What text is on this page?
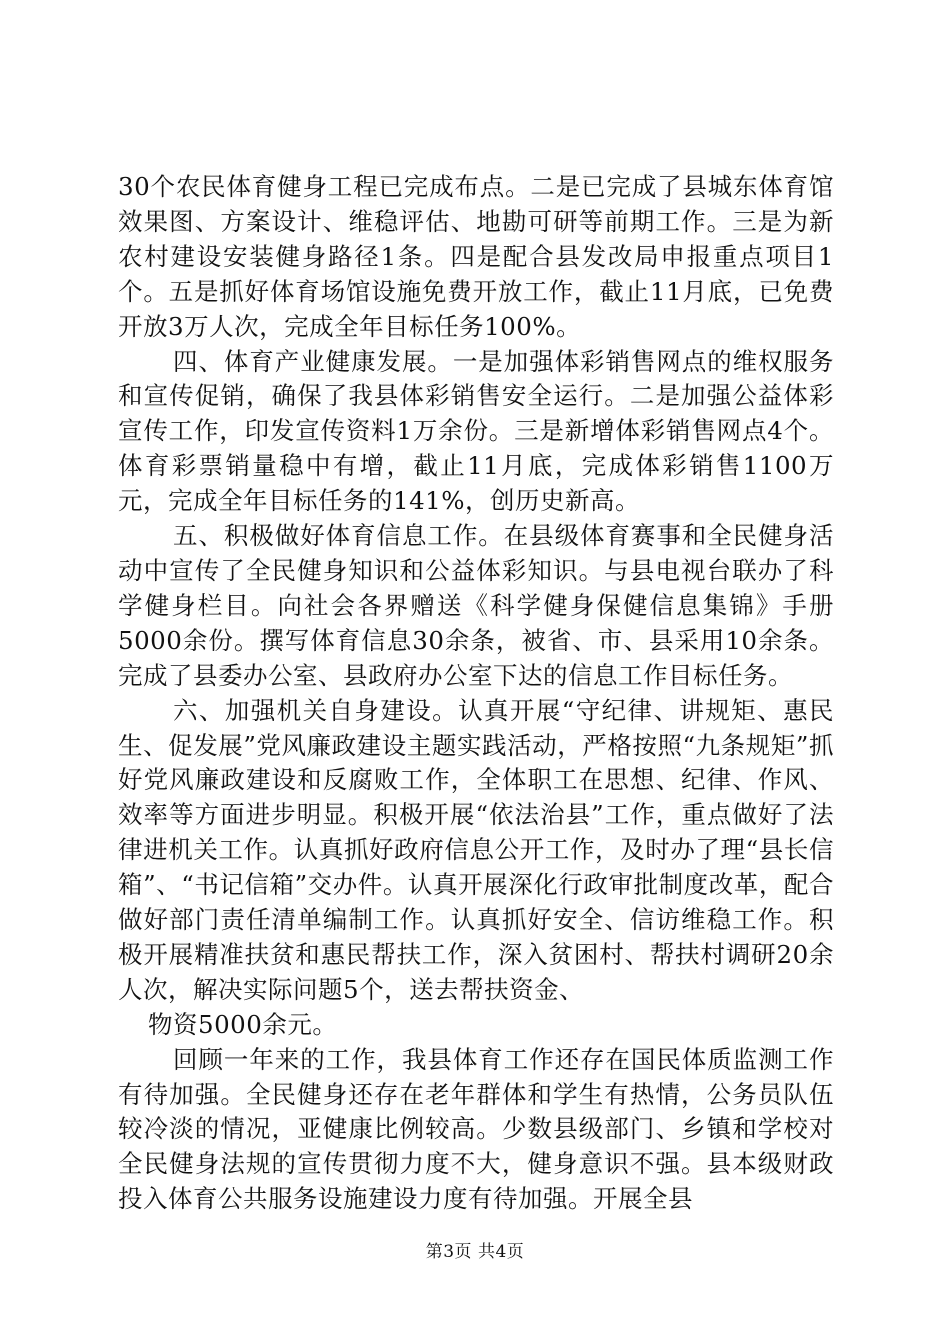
30个农民体育健身工程已完成布点。二是已完成了县城东体育馆效果图、方案设计、维稳评估、地勘可研等前期工作。三是为新农村建设安装健身路径1条。四是配合县发改局申报重点项目1个。五是抓好体育场馆设施免费开放工作，截止11月底，已免费开放3万人次，完成全年目标任务100%。

四、体育产业健康发展。一是加强体彩销售网点的维权服务和宣传促销，确保了我县体彩销售安全运行。二是加强公益体彩宣传工作，印发宣传资料1万余份。三是新增体彩销售网点4个。体育彩票销量稳中有增，截止11月底，完成体彩销售1100万元，完成全年目标任务的141%，创历史新高。

五、积极做好体育信息工作。在县级体育赛事和全民健身活动中宣传了全民健身知识和公益体彩知识。与县电视台联办了科学健身栏目。向社会各界赠送《科学健身保健信息集锦》手册5000余份。撰写体育信息30余条，被省、市、县采用10余条。完成了县委办公室、县政府办公室下达的信息工作目标任务。

六、加强机关自身建设。认真开展“守纪律、讲规矩、惠民生、促发展”党风廉政建设主题实践活动，严格按照“九条规矩”抓好党风廉政建设和反腐败工作，全体职工在思想、纪律、作风、效率等方面进步明显。积极开展“依法治县”工作，重点做好了法律进机关工作。认真抓好政府信息公开工作，及时办了理“县长信箱”、“书记信箱”交办件。认真开展深化行政审批制度改革，配合做好部门责任清单编制工作。认真抓好安全、信访维稳工作。积极开展精准扶贫和惠民帮扶工作，深入贫困村、帮扶村调研20余人次，解决实际问题5个，送去帮扶资金、

物资5000余元。

回顾一年来的工作，我县体育工作还存在国民体质监测工作有待加强。全民健身还存在老年群体和学生有热情，公务员队伍较冷淡的情况，亚健康比例较高。少数县级部门、乡镇和学校对全民健身法规的宣传贯彻力度不大，健身意识不强。县本级财政投入体育公共服务设施建设力度有待加强。开展全县

第3页 共4页
